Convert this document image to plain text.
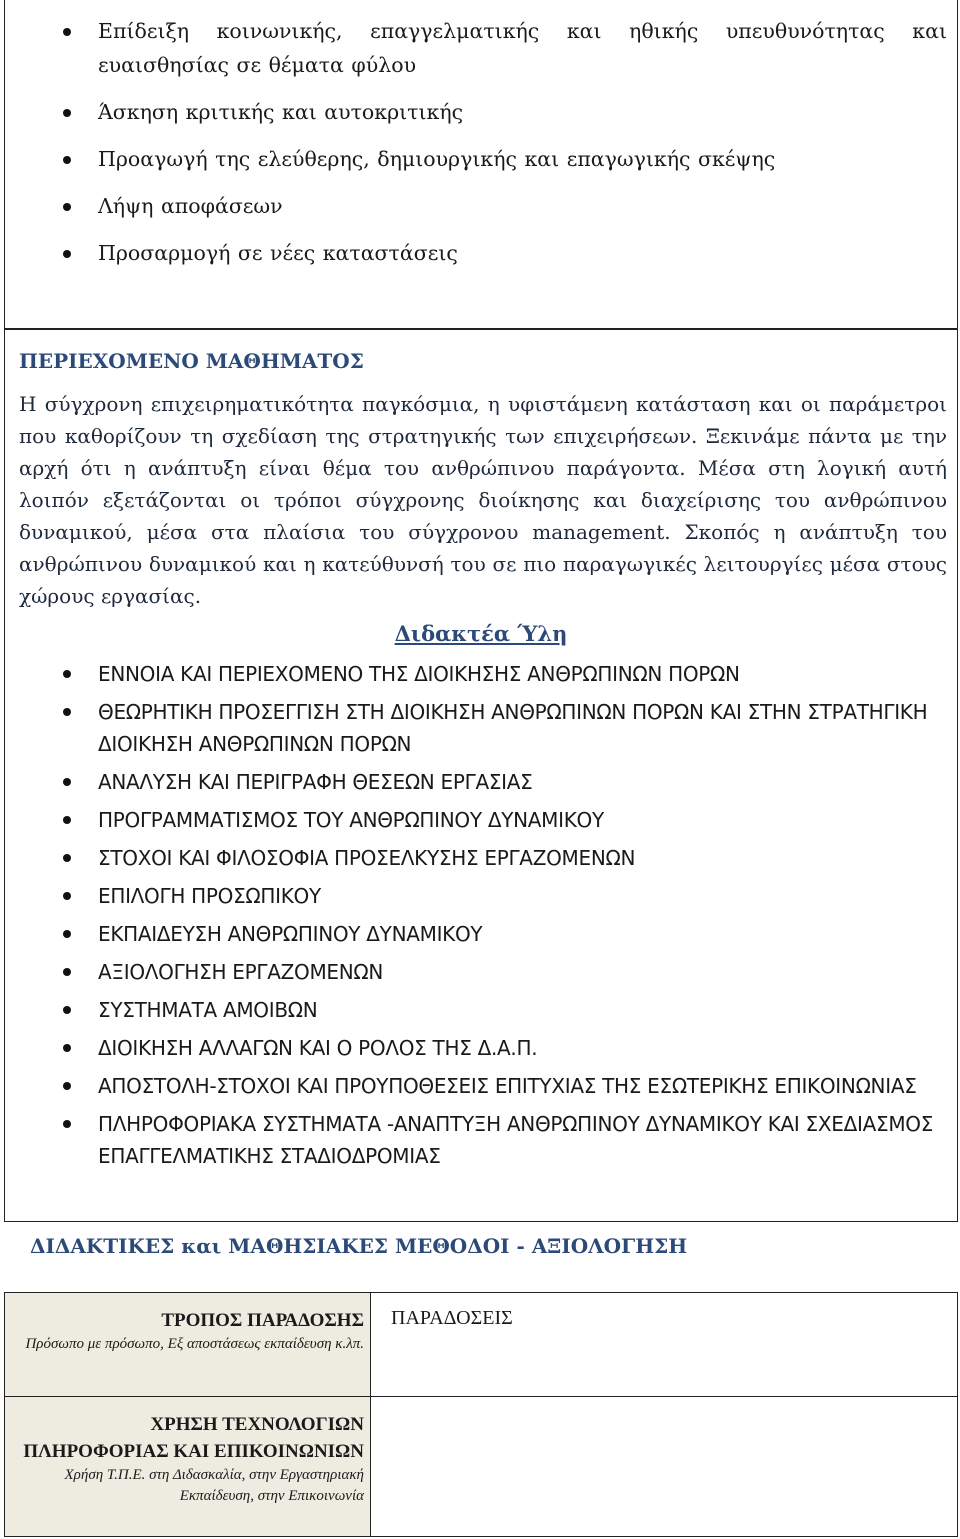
Επίδειξη κοινωνικής, επαγγελματικής και ηθικής υπευθυνότητας και ευαισθησίας σε θέματα φύλου
Άσκηση κριτικής και αυτοκριτικής
Προαγωγή της ελεύθερης, δημιουργικής και επαγωγικής σκέψης
Λήψη αποφάσεων
Προσαρμογή σε νέες καταστάσεις
ΠΕΡΙΕΧΟΜΕΝΟ ΜΑΘΗΜΑΤΟΣ

Η σύγχρονη επιχειρηματικότητα παγκόσμια, η υφιστάμενη κατάσταση και οι παράμετροι που καθορίζουν τη σχεδίαση της στρατηγικής των επιχειρήσεων. Ξεκινάμε πάντα με την αρχή ότι η ανάπτυξη είναι θέμα του ανθρώπινου παράγοντα. Μέσα στη λογική αυτή λοιπόν εξετάζονται οι τρόποι σύγχρονης διοίκησης και διαχείρισης του ανθρώπινου δυναμικού, μέσα στα πλαίσια του σύγχρονου management. Σκοπός η ανάπτυξη του ανθρώπινου δυναμικού και η κατεύθυνσή του σε πιο παραγωγικές λειτουργίες μέσα στους χώρους εργασίας.

Διδακτέα Ύλη
ΕΝΝΟΙΑ ΚΑΙ ΠΕΡΙΕΧΟΜΕΝΟ ΤΗΣ ΔΙΟΙΚΗΣΗΣ ΑΝΘΡΩΠΙΝΩΝ ΠΟΡΩΝ
ΘΕΩΡΗΤΙΚΗ ΠΡΟΣΕΓΓΙΣΗ ΣΤΗ ΔΙΟΙΚΗΣΗ ΑΝΘΡΩΠΙΝΩΝ ΠΟΡΩΝ ΚΑΙ ΣΤΗΝ ΣΤΡΑΤΗΓΙΚΗ ΔΙΟΙΚΗΣΗ ΑΝΘΡΩΠΙΝΩΝ ΠΟΡΩΝ
ΑΝΑΛΥΣΗ ΚΑΙ ΠΕΡΙΓΡΑΦΗ ΘΕΣΕΩΝ ΕΡΓΑΣΙΑΣ
ΠΡΟΓΡΑΜΜΑΤΙΣΜΟΣ ΤΟΥ ΑΝΘΡΩΠΙΝΟΥ ΔΥΝΑΜΙΚΟΥ
ΣΤΟΧΟΙ ΚΑΙ ΦΙΛΟΣΟΦΙΑ ΠΡΟΣΕΛΚΥΣΗΣ ΕΡΓΑΖΟΜΕΝΩΝ
ΕΠΙΛΟΓΗ ΠΡΟΣΩΠΙΚΟΥ
ΕΚΠΑΙΔΕΥΣΗ ΑΝΘΡΩΠΙΝΟΥ ΔΥΝΑΜΙΚΟΥ
ΑΞΙΟΛΟΓΗΣΗ ΕΡΓΑΖΟΜΕΝΩΝ
ΣΥΣΤΗΜΑΤΑ ΑΜΟΙΒΩΝ
ΔΙΟΙΚΗΣΗ ΑΛΛΑΓΩΝ ΚΑΙ Ο ΡΟΛΟΣ ΤΗΣ Δ.Α.Π.
ΑΠΟΣΤΟΛΗ-ΣΤΟΧΟΙ ΚΑΙ ΠΡΟΥΠΟΘΕΣΕΙΣ ΕΠΙΤΥΧΙΑΣ ΤΗΣ ΕΣΩΤΕΡΙΚΗΣ ΕΠΙΚΟΙΝΩΝΙΑΣ
ΠΛΗΡΟΦΟΡΙΑΚΑ ΣΥΣΤΗΜΑΤΑ -ΑΝΑΠΤΥΞΗ ΑΝΘΡΩΠΙΝΟΥ ΔΥΝΑΜΙΚΟΥ ΚΑΙ ΣΧΕΔΙΑΣΜΟΣ ΕΠΑΓΓΕΛΜΑΤΙΚΗΣ ΣΤΑΔΙΟΔΡΟΜΙΑΣ
ΔΙΔΑΚΤΙΚΕΣ και ΜΑΘΗΣΙΑΚΕΣ ΜΕΘΟΔΟΙ - ΑΞΙΟΛΟΓΗΣΗ
ΤΡΟΠΟΣ ΠΑΡΑΔΟΣΗΣ
Πρόσωπο με πρόσωπο, Εξ αποστάσεως εκπαίδευση κ.λπ.	ΠΑΡΑΔΟΣΕΙΣ

ΧΡΗΣΗ ΤΕΧΝΟΛΟΓΙΩΝ ΠΛΗΡΟΦΟΡΙΑΣ ΚΑΙ ΕΠΙΚΟΙΝΩΝΙΩΝ
Χρήση Τ.Π.Ε. στη Διδασκαλία, στην Εργαστηριακή Εκπαίδευση, στην Επικοινωνία	
